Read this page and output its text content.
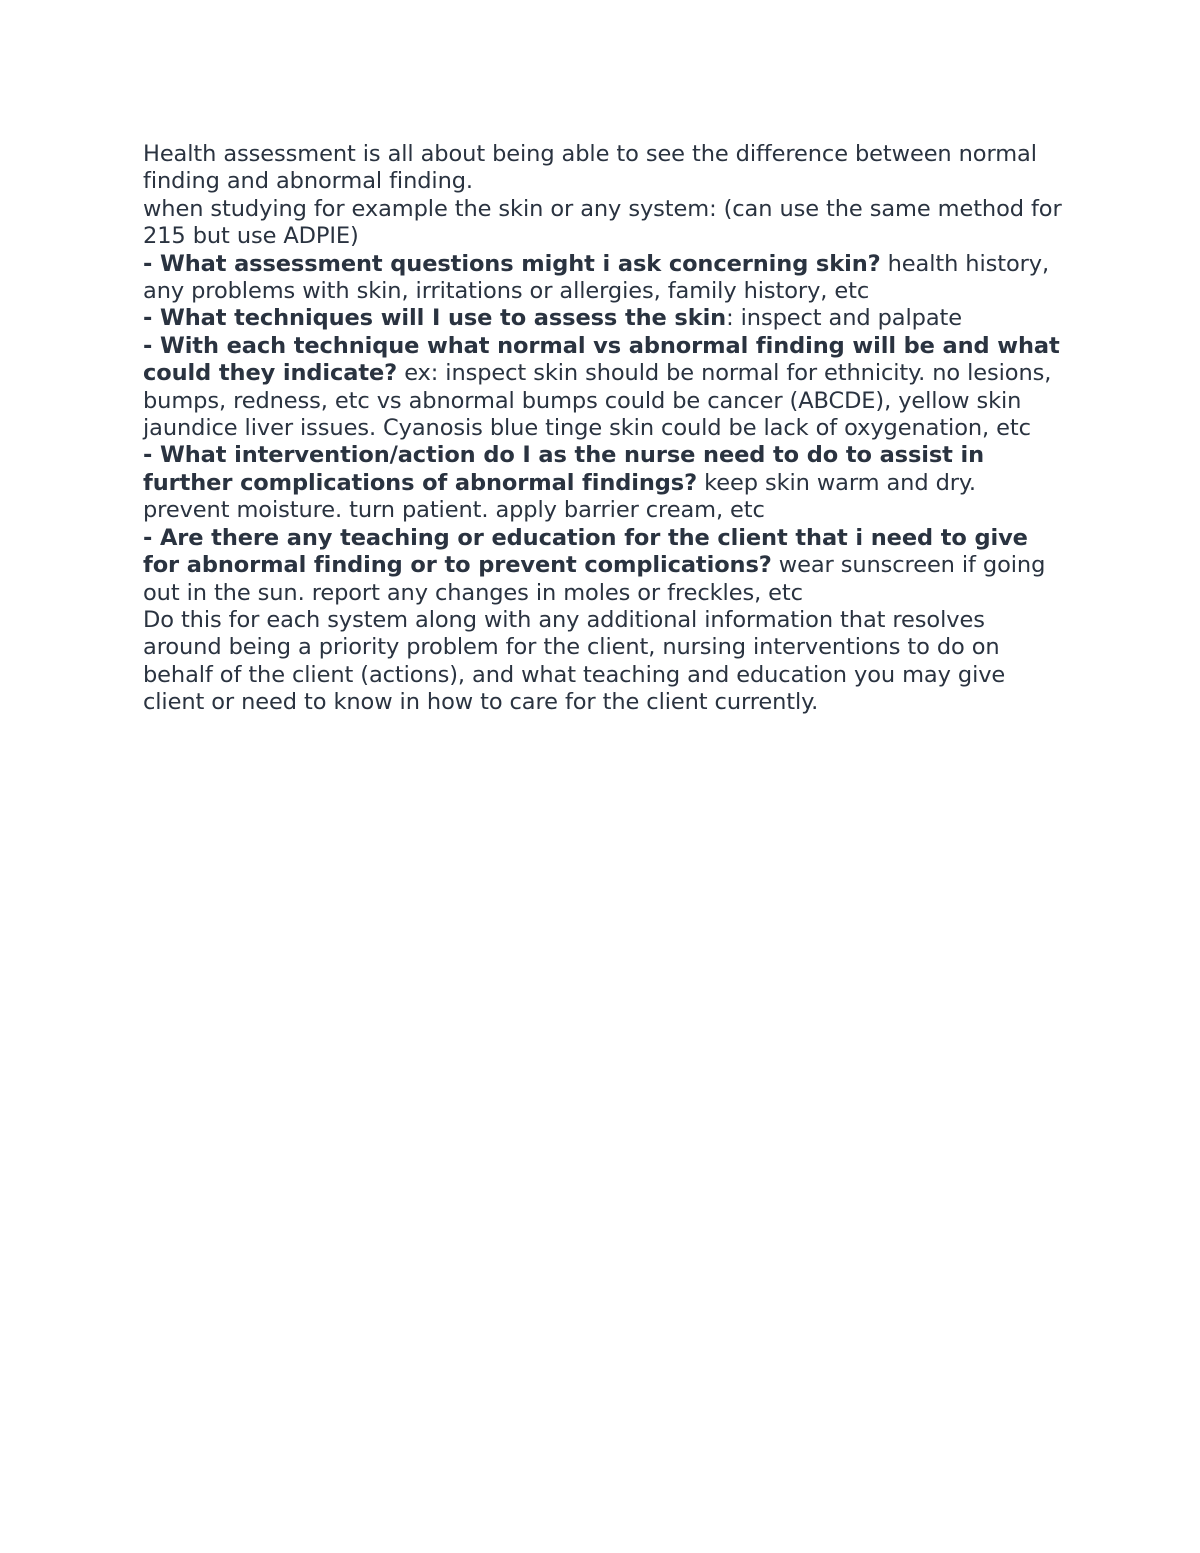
Health assessment is all about being able to see the difference between normal finding and abnormal finding.

when studying for example the skin or any system: (can use the same method for 215 but use ADPIE)

- What assessment questions might i ask concerning skin? health history, any problems with skin, irritations or allergies, family history, etc

- What techniques will I use to assess the skin: inspect and palpate

- With each technique what normal vs abnormal finding will be and what could they indicate? ex: inspect skin should be normal for ethnicity. no lesions, bumps, redness, etc vs abnormal bumps could be cancer (ABCDE), yellow skin jaundice liver issues. Cyanosis blue tinge skin could be lack of oxygenation, etc

- What intervention/action do I as the nurse need to do to assist in further complications of abnormal findings? keep skin warm and dry. prevent moisture. turn patient. apply barrier cream, etc

- Are there any teaching or education for the client that i need to give for abnormal finding or to prevent complications? wear sunscreen if going out in the sun. report any changes in moles or freckles, etc

Do this for each system along with any additional information that resolves around being a priority problem for the client, nursing interventions to do on behalf of the client (actions), and what teaching and education you may give client or need to know in how to care for the client currently.
